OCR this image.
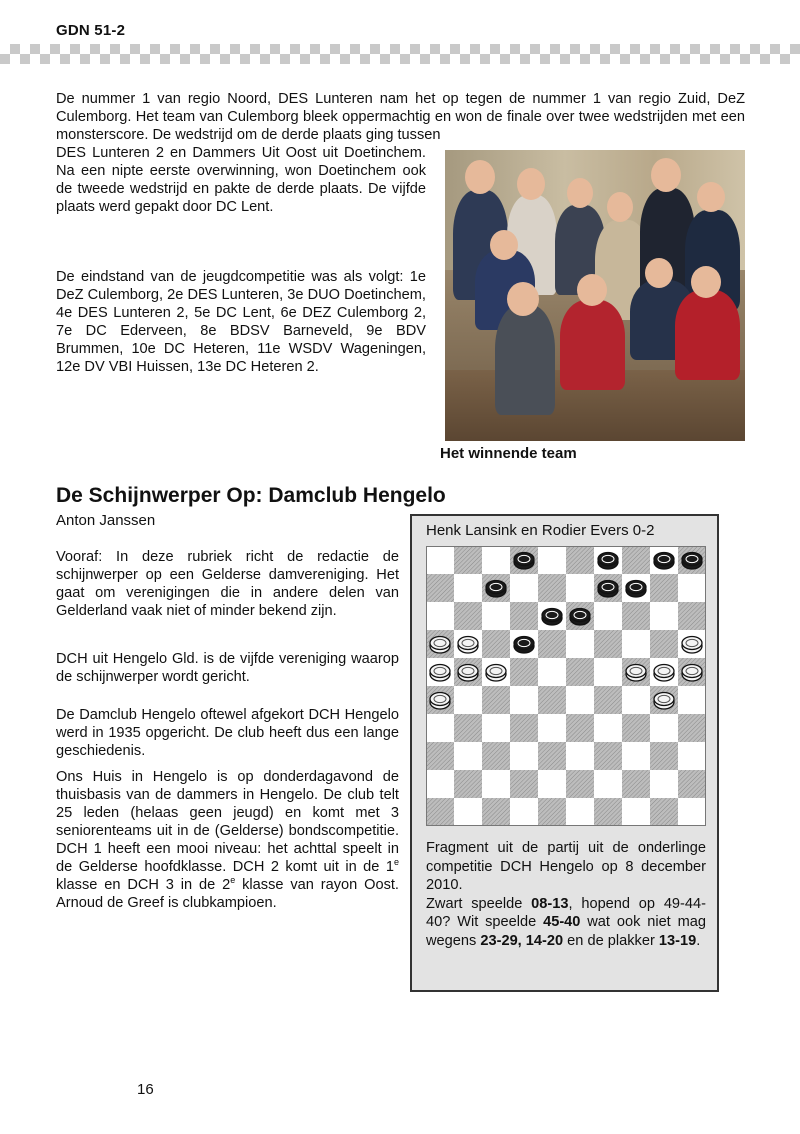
GDN 51-2

De nummer 1 van regio Noord, DES Lunteren nam het op tegen de nummer 1 van regio Zuid, DeZ Culemborg. Het team van Culemborg bleek oppermachtig en won de finale over twee wedstrijden met een monsterscore. De wedstrijd om de derde plaats ging tussen

DES Lunteren 2 en Dammers Uit Oost uit Doetinchem. Na een nipte eerste overwinning, won Doetinchem ook de tweede wedstrijd en pakte de derde plaats. De vijfde plaats werd gepakt door DC Lent.

De eindstand van de jeugdcompetitie was als volgt: 1e DeZ Culemborg, 2e DES Lunteren, 3e DUO Doetinchem, 4e DES Lunteren 2, 5e DC Lent, 6e DEZ Culemborg 2, 7e DC Ederveen, 8e BDSV Barneveld, 9e BDV Brummen, 10e DC Heteren, 11e WSDV Wageningen, 12e DV VBI Huissen, 13e DC Heteren 2.

Het winnende team
De Schijnwerper Op: Damclub Hengelo
Anton Janssen

Vooraf: In deze rubriek richt de redactie de schijnwerper op een Gelderse damvereniging. Het gaat om verenigingen die in andere delen van Gelderland vaak niet of minder bekend zijn.

DCH uit Hengelo Gld. is de vijfde vereniging waarop de schijnwerper wordt gericht.

De Damclub Hengelo oftewel afgekort DCH Hengelo werd in 1935 opgericht. De club heeft dus een lange geschiedenis.

Ons Huis in Hengelo is op donderdagavond de thuisbasis van de dammers in Hengelo. De club telt 25 leden (helaas geen jeugd) en komt met 3 seniorenteams uit in de (Gelderse) bondscompetitie. DCH 1 heeft een mooi niveau: het achttal speelt in de Gelderse hoofdklasse. DCH 2 komt uit in de 1e klasse en DCH 3 in de 2e klasse van rayon Oost. Arnoud de Greef is clubkampioen.

Henk Lansink en Rodier Evers 0-2

Fragment uit de partij uit de onderlinge competitie DCH Hengelo op 8 december 2010.
Zwart speelde 08-13, hopend op 49-44-40? Wit speelde 45-40 wat ook niet mag wegens 23-29, 14-20 en de plakker 13-19.

16
